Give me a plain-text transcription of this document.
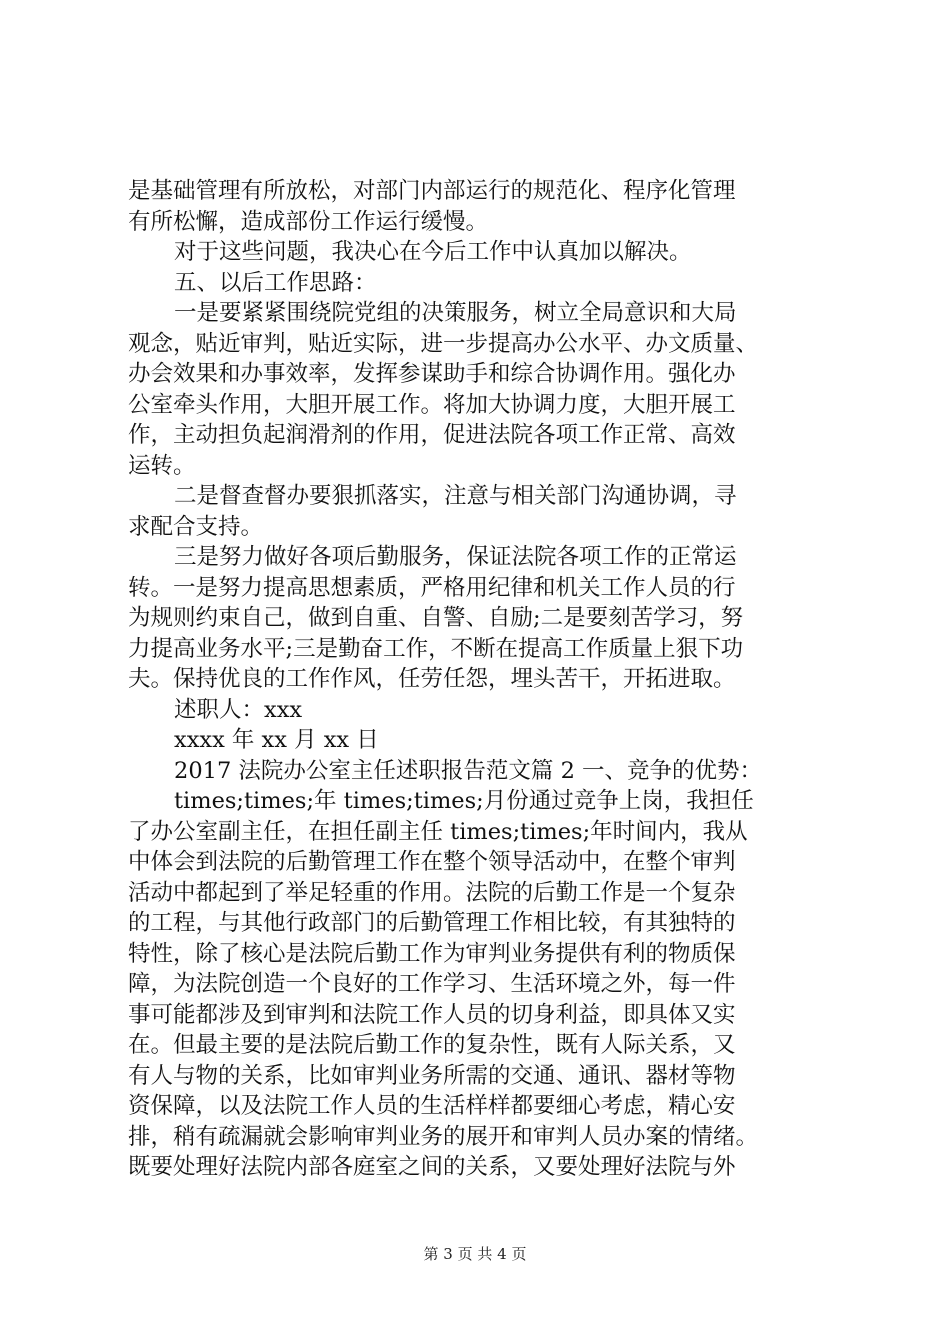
是基础管理有所放松，对部门内部运行的规范化、程序化管理
有所松懈，造成部份工作运行缓慢。
对于这些问题，我决心在今后工作中认真加以解决。
五、以后工作思路：
一是要紧紧围绕院党组的决策服务，树立全局意识和大局
观念，贴近审判，贴近实际，进一步提高办公水平、办文质量、
办会效果和办事效率，发挥参谋助手和综合协调作用。强化办
公室牵头作用，大胆开展工作。将加大协调力度，大胆开展工
作，主动担负起润滑剂的作用，促进法院各项工作正常、高效
运转。
二是督查督办要狠抓落实，注意与相关部门沟通协调，寻
求配合支持。
三是努力做好各项后勤服务，保证法院各项工作的正常运
转。一是努力提高思想素质，严格用纪律和机关工作人员的行
为规则约束自己，做到自重、自警、自励;二是要刻苦学习，努
力提高业务水平;三是勤奋工作，不断在提高工作质量上狠下功
夫。保持优良的工作作风，任劳任怨，埋头苦干，开拓进取。
述职人：xxx
xxxx 年 xx 月 xx 日
2017 法院办公室主任述职报告范文篇 2 一、竞争的优势：
times;times;年 times;times;月份通过竞争上岗，我担任
了办公室副主任，在担任副主任 times;times;年时间内，我从
中体会到法院的后勤管理工作在整个领导活动中，在整个审判
活动中都起到了举足轻重的作用。法院的后勤工作是一个复杂
的工程，与其他行政部门的后勤管理工作相比较，有其独特的
特性，除了核心是法院后勤工作为审判业务提供有利的物质保
障，为法院创造一个良好的工作学习、生活环境之外，每一件
事可能都涉及到审判和法院工作人员的切身利益，即具体又实
在。但最主要的是法院后勤工作的复杂性，既有人际关系，又
有人与物的关系，比如审判业务所需的交通、通讯、器材等物
资保障，以及法院工作人员的生活样样都要细心考虑，精心安
排，稍有疏漏就会影响审判业务的展开和审判人员办案的情绪。
既要处理好法院内部各庭室之间的关系，又要处理好法院与外
第 3 页 共 4 页
